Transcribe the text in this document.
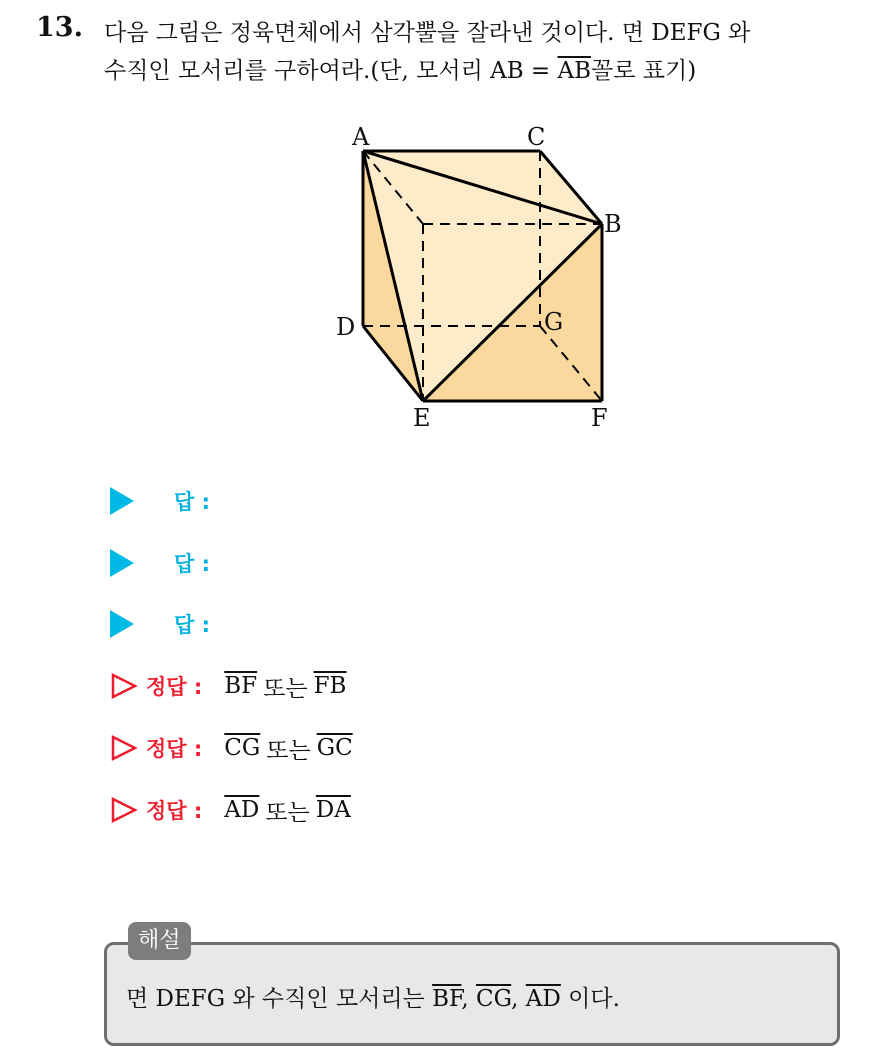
13. 다음 그림은 정육면체에서 삼각뿔을 잘라낸 것이다. 면 DEFG 와
수직인 모서리를 구하여라.(단, 모서리 AB = $\overline{AB}$꼴로 표기)
A	C
B
D	G
E	F
답 :
답 :
답 :
정답 : $\overline{BF}$ 또는 $\overline{FB}$
정답 : $\overline{CG}$ 또는 $\overline{GC}$
정답 : $\overline{AD}$ 또는 $\overline{DA}$
해설
면 DEFG 와 수직인 모서리는 $\overline{BF}$, $\overline{CG}$, $\overline{AD}$ 이다.
